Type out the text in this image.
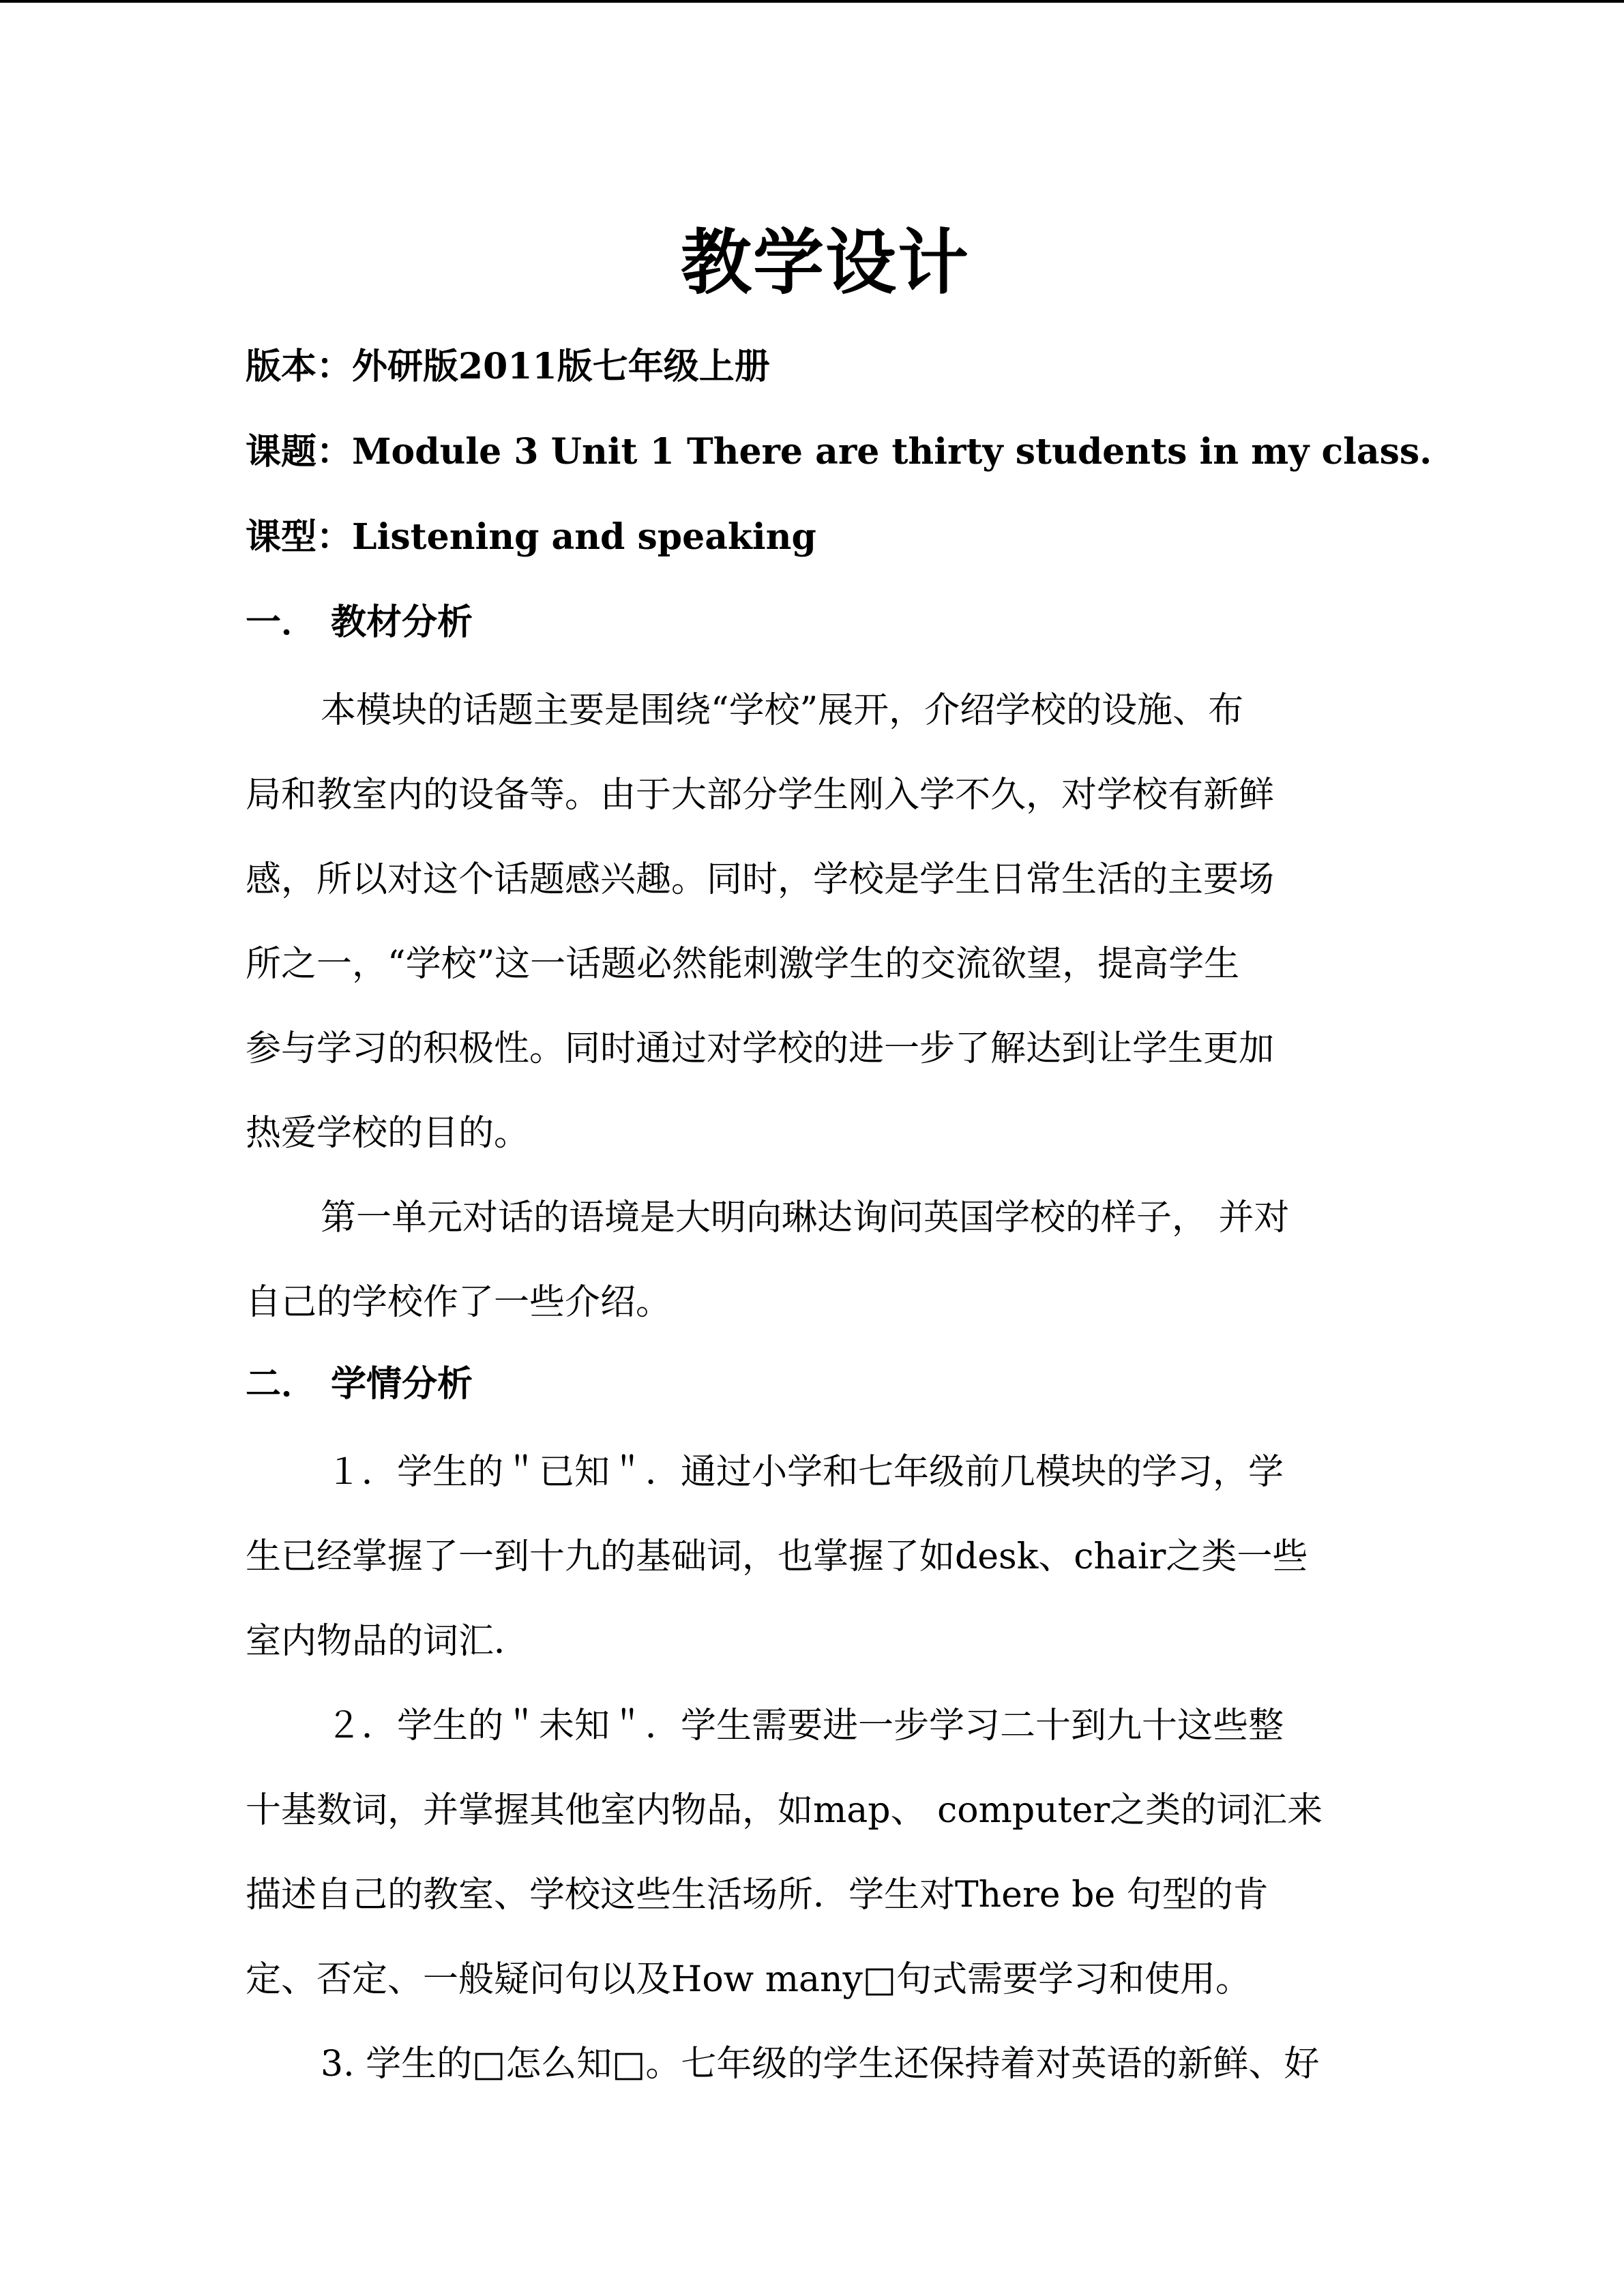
教学设计
版本：外研版2011版七年级上册
课题：Module 3 Unit 1 There are thirty students in my class.
课型：Listening and speaking
一． 教材分析
本模块的话题主要是围绕“学校”展开，介绍学校的设施、布
局和教室内的设备等。由于大部分学生刚入学不久，对学校有新鲜
感，所以对这个话题感兴趣。同时，学校是学生日常生活的主要场
所之一，“学校”这一话题必然能刺激学生的交流欲望，提高学生
参与学习的积极性。同时通过对学校的进一步了解达到让学生更加
热爱学校的目的。
第一单元对话的语境是大明向琳达询问英国学校的样子， 并对
自己的学校作了一些介绍。
二． 学情分析
１．学生的＂已知＂．通过小学和七年级前几模块的学习，学
生已经掌握了一到十九的基础词，也掌握了如desk、chair之类一些
室内物品的词汇．
２．学生的＂未知＂．学生需要进一步学习二十到九十这些整
十基数词，并掌握其他室内物品，如map、 computer之类的词汇来
描述自己的教室、学校这些生活场所．学生对There be 句型的肯
定、否定、一般疑问句以及How many□句式需要学习和使用。
3. 学生的□怎么知□。七年级的学生还保持着对英语的新鲜、好
